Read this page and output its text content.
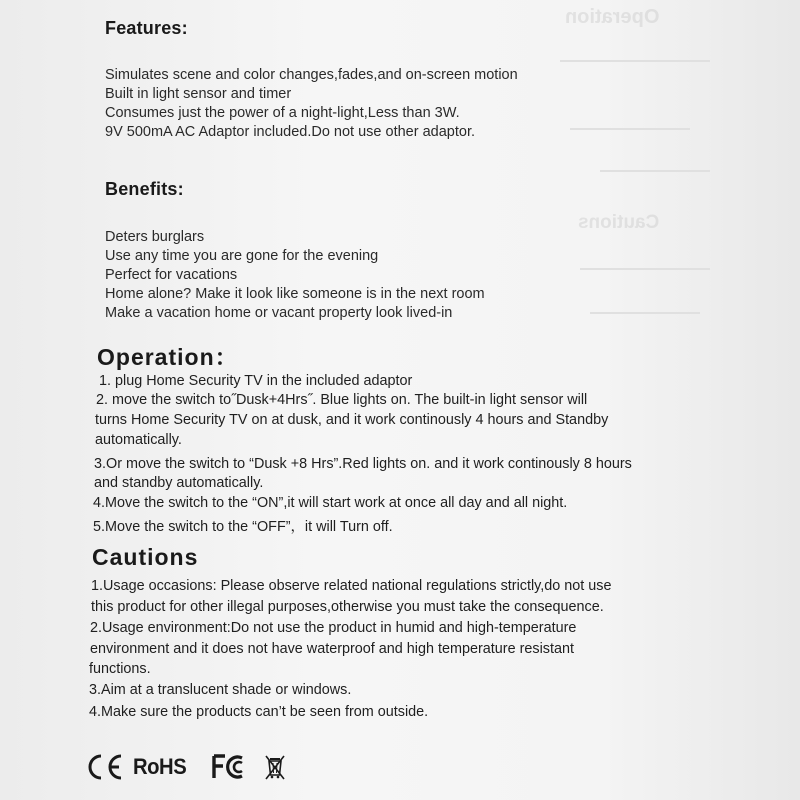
Operation
Cautions
Features:
Simulates scene and color changes,fades,and on-screen motion
Built in light sensor and timer
Consumes just the power of a night-light,Less than 3W.
9V 500mA AC Adaptor included.Do not use other adaptor.
Benefits:
Deters burglars
Use any time you are gone for the evening
Perfect for vacations
Home alone? Make it look like someone is in the next room
Make a vacation home or vacant property look lived-in
Operation：
1. plug Home Security TV in the included adaptor
2. move the switch to˝Dusk+4Hrs˝. Blue lights on. The built-in light sensor will
turns Home Security TV on at dusk, and it work continously 4 hours and Standby
automatically.
3.Or move the switch to “Dusk +8 Hrs”.Red lights on. and it work continously 8 hours
and standby automatically.
4.Move the switch to the “ON”,it will start work at once all day and all night.
5.Move the switch to the “OFF”，it will Turn off.
Cautions
1.Usage occasions: Please observe related national regulations strictly,do not use
this product for other illegal purposes,otherwise you must take the consequence.
2.Usage environment:Do not use the product in humid and high-temperature
environment and it does not have waterproof and high temperature resistant
functions.
3.Aim at a translucent shade or windows.
4.Make sure the products can’t be seen from outside.
RoHS
